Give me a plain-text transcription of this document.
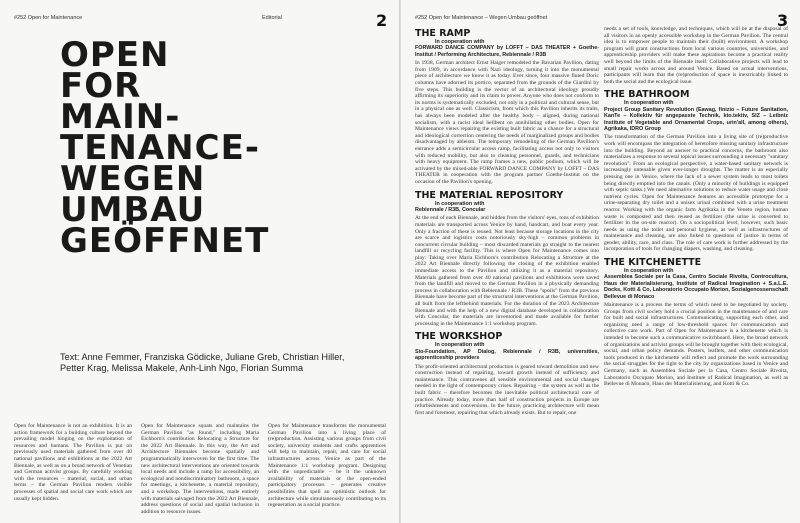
#252 Open for Maintenance	Editorial	2
OPEN
FOR
MAIN-
TENANCE-
WEGEN
UMBAU
GEÖFFNET
Text: Anne Femmer, Franziska Gödicke, Juliane Greb, Christian Hiller, Petter Krag, Melissa Makele, Anh-Linh Ngo, Florian Summa
Open for Maintenance is not an exhibition. It is an action framework for a building culture beyond the prevailing model hinging on the exploitation of resources and humans. The Pavilion is put on previously used materials gathered from over 40 national pavilions and exhibitions at the 2022 Art Biennale, as well as on a broad network of Venetian and German activist groups. By carefully working with the resources – material, social, and urban terms – the German Pavilion renders visible processes of spatial and social care work which are usually kept hidden.
Open for Maintenance squats and maintains the German Pavilion "as found," including Maria Eichhorn's contribution Relocating a Structure for the 2022 Art Biennale. In this way, the Art and Architecture Biennales become spatially and programmatically interwoven for the first time. The new architectural interventions are oriented towards local needs and include a ramp for accessibility, an ecological and nondiscriminatory bathroom, a space for meetings, a kitchenette, a material repository, and a workshop. The interventions, made entirely with materials salvaged from the 2022 Art Biennale, address questions of social and spatial inclusion in addition to resource issues.
Open for Maintenance transforms the monumental German Pavilion into a living place of (re)production. Assisting various groups from civil society, university students and crafts apprentices will help to maintain, repair, and care for social infrastructures across Venice as part of the Maintenance 1:1 workshop program. Designing with the unpredictable – be it the unknown availability of materials or the open-ended participatory processes – generates creative possibilities that spell an optimistic outlook for architecture while simultaneously contributing to its regeneration as a social practice.
#252 Open for Maintenance – Wegen Umbau geöffnet	3
THE RAMP
In cooperation with
FORWARD DANCE COMPANY by LOFFT – DAS THEATER + Goethe-Institut / Performing Architecture, Rebiennale / R3B
In 1938, German architect Ernst Haiger remodeled the Bavarian Pavilion, dating from 1909, in accordance with Nazi ideology, turning it into the monumental piece of architecture we know it as today. Ever since, four massive fluted Doric columns have adorned its portico, separated from the grounds of the Giardini by five steps. This building is the vector of an architectural ideology proudly affirming its superiority and its claim to power. Anyone who does not conform to its norms is systematically excluded, not only in a political and cultural sense, but in a physical one as well. Classicism, from which this Pavilion inherits its traits, has always been modeled after the healthy body – aligned, during national socialism, with a racist ideal hellbent on annihilating other bodies. Open for Maintenance views repairing the existing built fabric as a chance for a structural and ideological correction centering the needs of marginalized groups and bodies disadvantaged by ableism. The temporary remodeling of the German Pavilion's entrance adds a semicircular access ramp, facilitating access not only to visitors with reduced mobility, but also to cleaning personnel, guards, and technicians with heavy equipment. The ramp frames a new, public podium, which will be activated by the mixed-able FORWARD DANCE COMPANY by LOFFT – DAS THEATER in cooperation with the program partner Goethe-Institut on the occasion of the Pavilion's opening.
THE MATERIAL REPOSITORY
In cooperation with
Rebiennale / R3B, Concular
At the end of each Biennale, and hidden from the visitors' eyes, tons of exhibition materials are transported across Venice by hand, handcart, and boat every year. Only a fraction of these is reused. Not least because storage locations in the city are scarce and logistics costs notoriously sky-high – common problems in concurrent circular building – most discarded materials go straight to the nearest landfill or recycling facility. This is where Open for Maintenance comes into play: Taking over Maria Eichhorn's contribution Relocating a Structure at the 2022 Art Biennale directly following the closing of the exhibition enabled immediate access to the Pavilion and utilizing it as a material repository. Materials gathered from over 40 national pavilions and exhibitions were saved from the landfill and moved to the German Pavilion in a physically demanding process in collaboration with Rebiennale / R3B. These "spoils" from the previous Biennale have become part of the structural interventions at the German Pavilion, all built from the leftbehind materials. For the duration of the 2023 Architecture Biennale and with the help of a new digital database developed in collaboration with Concular, the materials are inventoried and made available for further processing in the Maintenance 1:1 workshop program.
THE WORKSHOP
In cooperation with
Sio-Foundation, AP Dialog, Rebiennale / R3B, universities, apprenticeship providers
The profit-oriented architectural production is geared toward demolition and new construction instead of repairing, toward growth instead of sufficiency and maintenance. This contravenes all sensible environmental and social changes needed in the light of contemporary crises. Repairing – the system as well as the built fabric – therefore becomes the inevitable political architectural core of practice. Already today, more than half of construction projects in Europe are refurbishments and conversions. In the future, practicing architecture will mean first and foremost, repairing that which already exists. But to repair, one
needs a set of tools, knowledge, and techniques, which will be at the disposal of all visitors in an openly accessible workshop in the German Pavilion. The central idea is to empower people to maintain their (built) environment. A workshop program will grant constructions from local various countries, universities, and apprenticeship providers will make these aspirations become a practical reality well beyond the limits of the Biennale itself. Collaborative projects will lead to small repair works across and around Venice. Based on actual interventions, participants will learn that the (re)production of space is inextricably linked to both the social and the ecological issue.
THE BATHROOM
In cooperation with
Project Group Sanitary Revolution (Eawag, finizio – Future Sanitation, KanTe – Kollektiv für angepasste Technik, kto.tektiv, SIZ – Leibniz Institute of Vegetable and Ornamental Crops, urin'all, among others), Agrikaka, IDRO Group
The transformation of the German Pavilion into a living site of (re)productive work will encompass the integration of heretofore missing sanitary infrastructure into the building. Beyond an answer to practical concerns, the bathroom also materializes a response to several topical issues surrounding a necessary "sanitary revolution": From an ecological perspective, a water-based sanitary network is increasingly untenable given ever-longer droughts. The matter is an especially pressing one in Venice, where the lack of a sewer system leads to most toilets being directly emptied into the canals. (Only a minority of buildings is equipped with septic tanks.) We need alternative solutions to reduce water usage and close nutrient cycles. Open for Maintenance features an accessible prototype for a urine-separating dry toilet and a unisex urinal combined with a urine treatment reactor. Working with the organic farm Agrikaka in the Veneto region, human waste is composted and then reused as fertilizer (the urine is converted to fertilizer in the on-site reactor). On a sociopolitical level, however, such basic needs as using the toilet and personal hygiene, as well as infrastructures of maintenance and cleaning, are also linked to questions of justice in terms of gender, ability, race, and class. The role of care work is further addressed by the incorporation of tools for changing diapers, washing, and cleaning.
THE KITCHENETTE
In cooperation with
Assemblea Sociale per la Casa, Centro Sociale Rivolta, Controcultura, Haus der Materialisierung, Institute of Radical Imagination + S.a.L.E. Docks, Kotti & Co, Laboratorio Occupato Morion, Sozialgenossenschaft Bellevue di Monaco
Maintenance is a process the terms of which need to be negotiated by society. Groups from civil society hold a crucial position in the maintenance of and care for built and social infrastructures. Communicating, supporting each other, and organizing need a range of low-threshold spaces for communication and collective care work. Part of Open for Maintenance is a kitchenette which is intended to become such a communicative switchboard. Here, the broad network of organizations and activist groups will be brought together with their ecological, social, and urban policy demands. Posters, leaflets, and other communication tools produced in the kitchenette will reflect and promote the work surrounding the social struggles for the right to the city by organizations based in Venice and Germany, such as Assemblea Sociale per la Casa, Centro Sociale Rivolta, Laboratorio Occupato Morion, and Institute of Radical Imagination, as well as Bellevue di Monaco, Haus der Materialisierung, and Kotti & Co.
